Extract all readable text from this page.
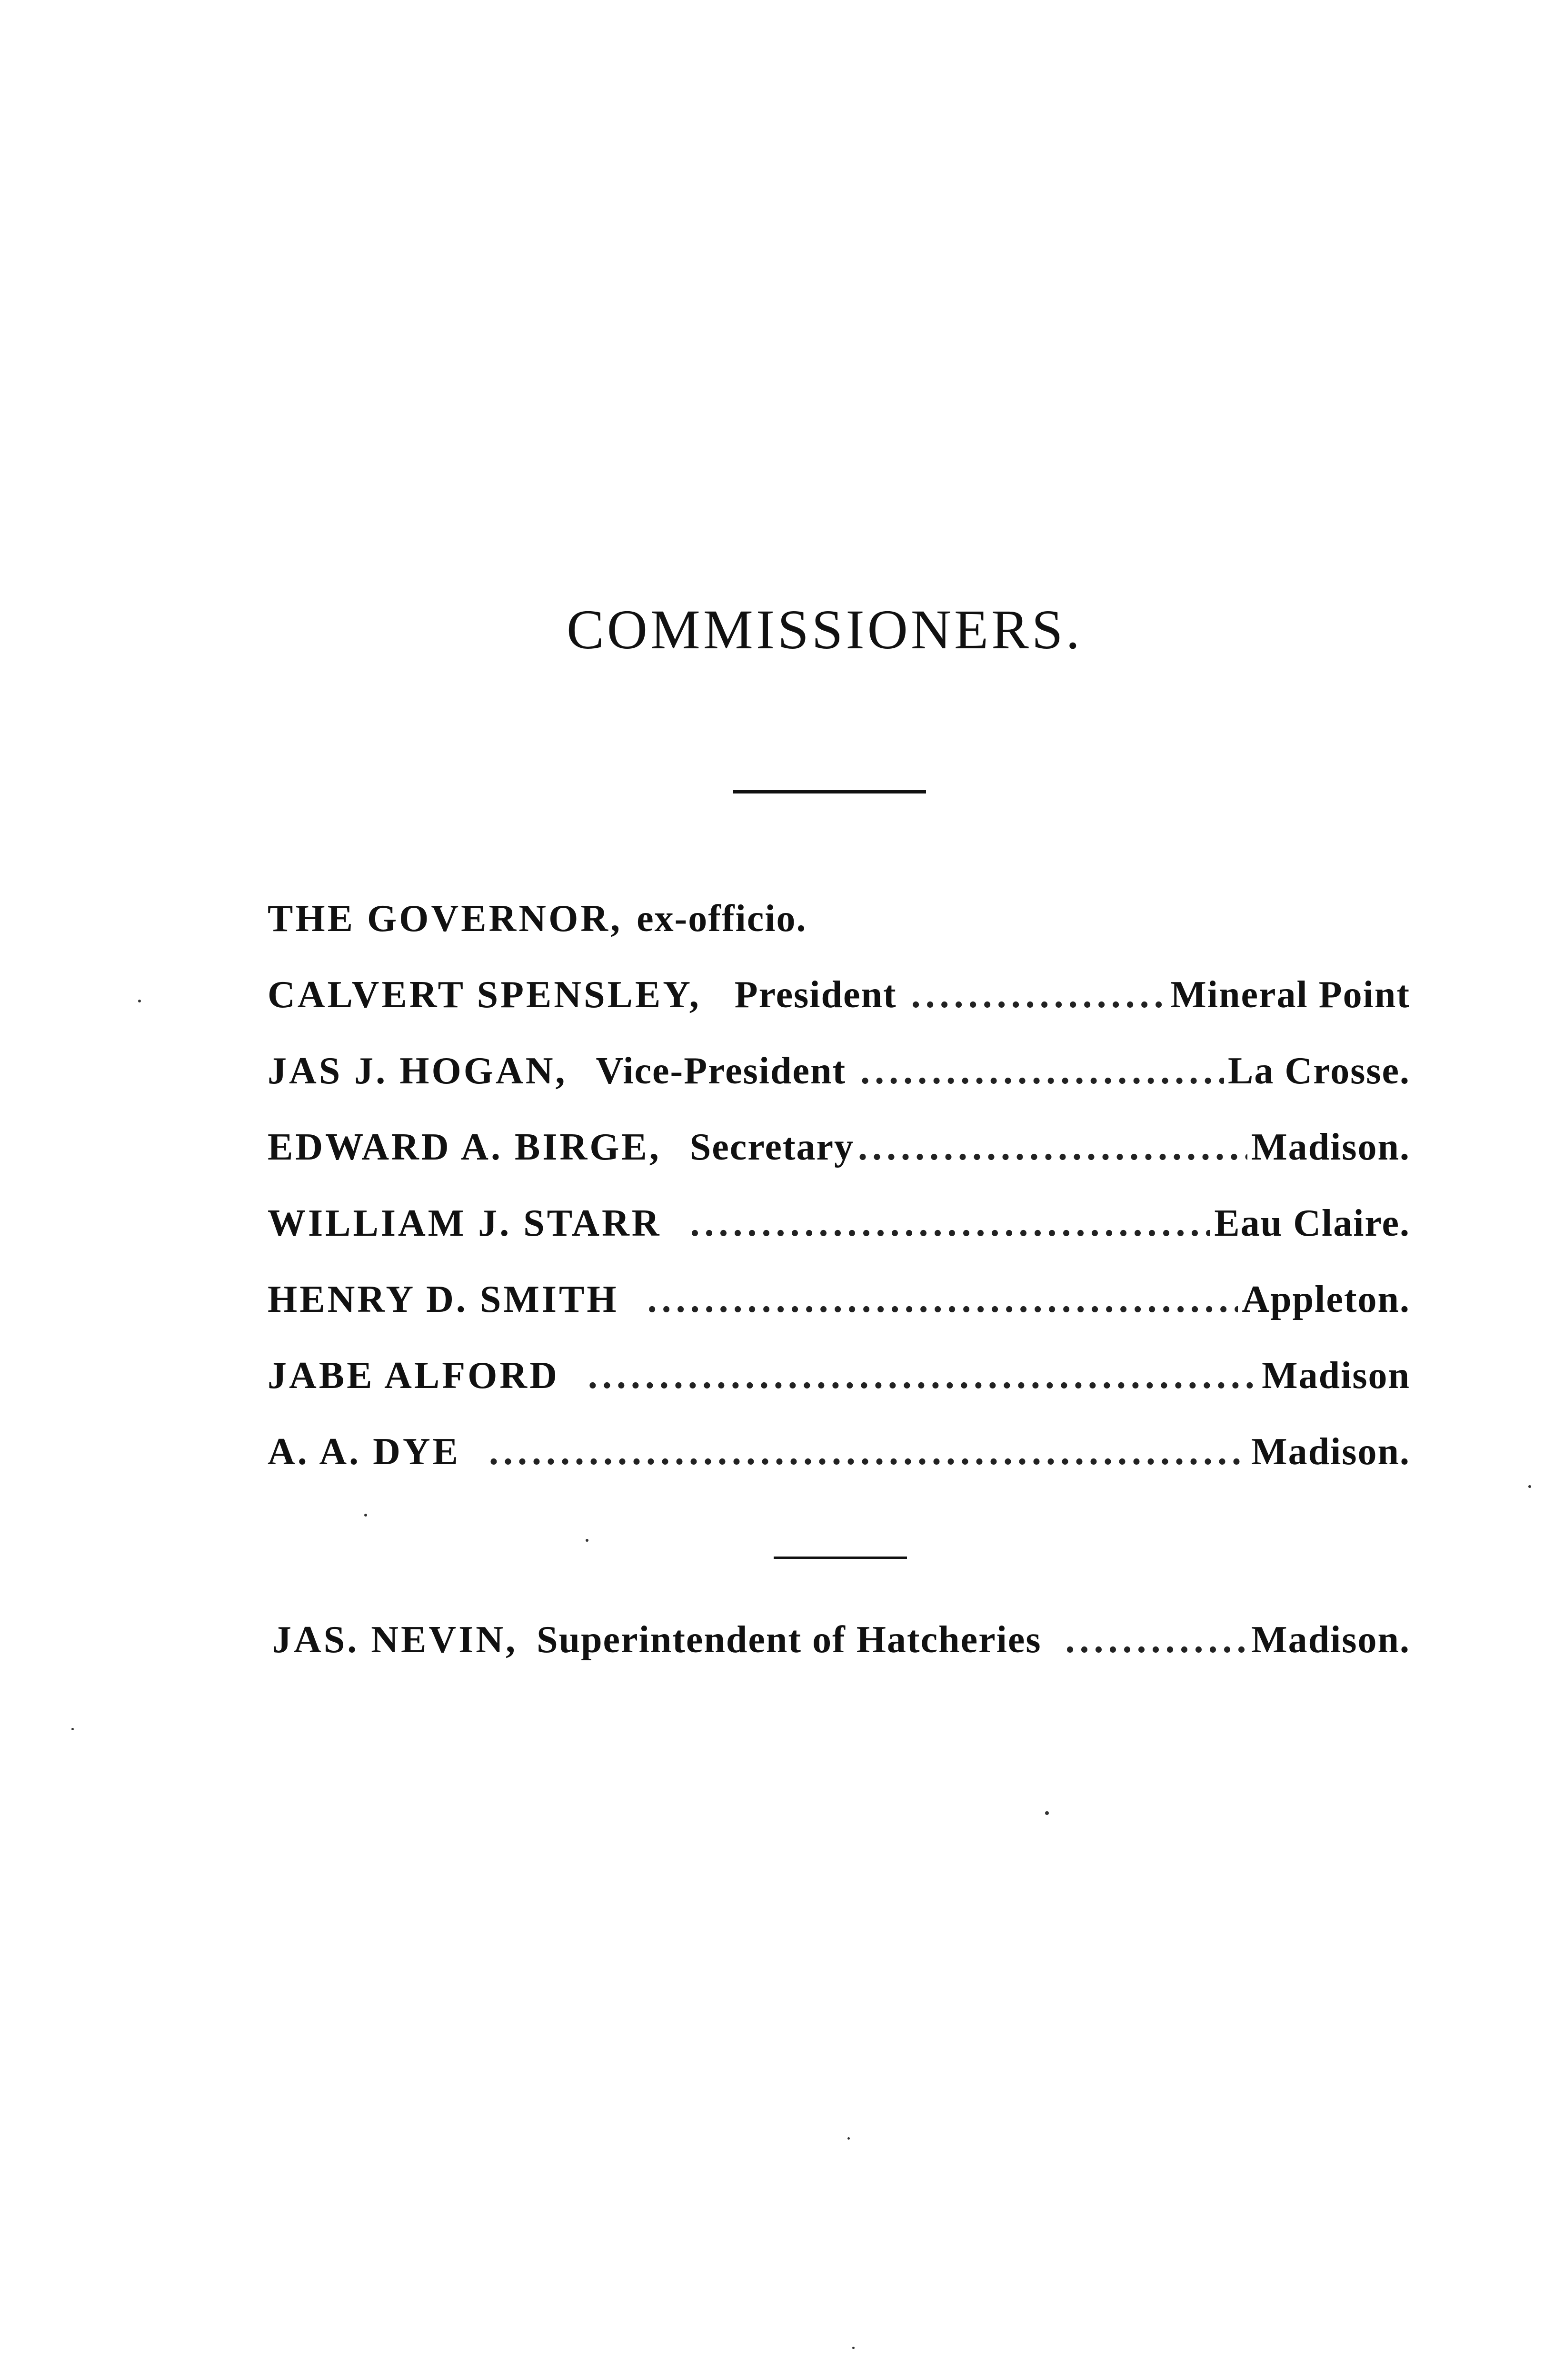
COMMISSIONERS.
THE GOVERNOR, ex-officio.
CALVERT SPENSLEY, President .....	Mineral Point
JAS J. HOGAN, Vice-President .....	La Crosse.
EDWARD A. BIRGE, Secretary .....	Madison.
WILLIAM J. STARR .....	Eau Claire.
HENRY D. SMITH .....	Appleton.
JABE ALFORD .....	Madison
A. A. DYE .....	Madison.
JAS. NEVIN, Superintendent of Hatcheries .....	Madison.
